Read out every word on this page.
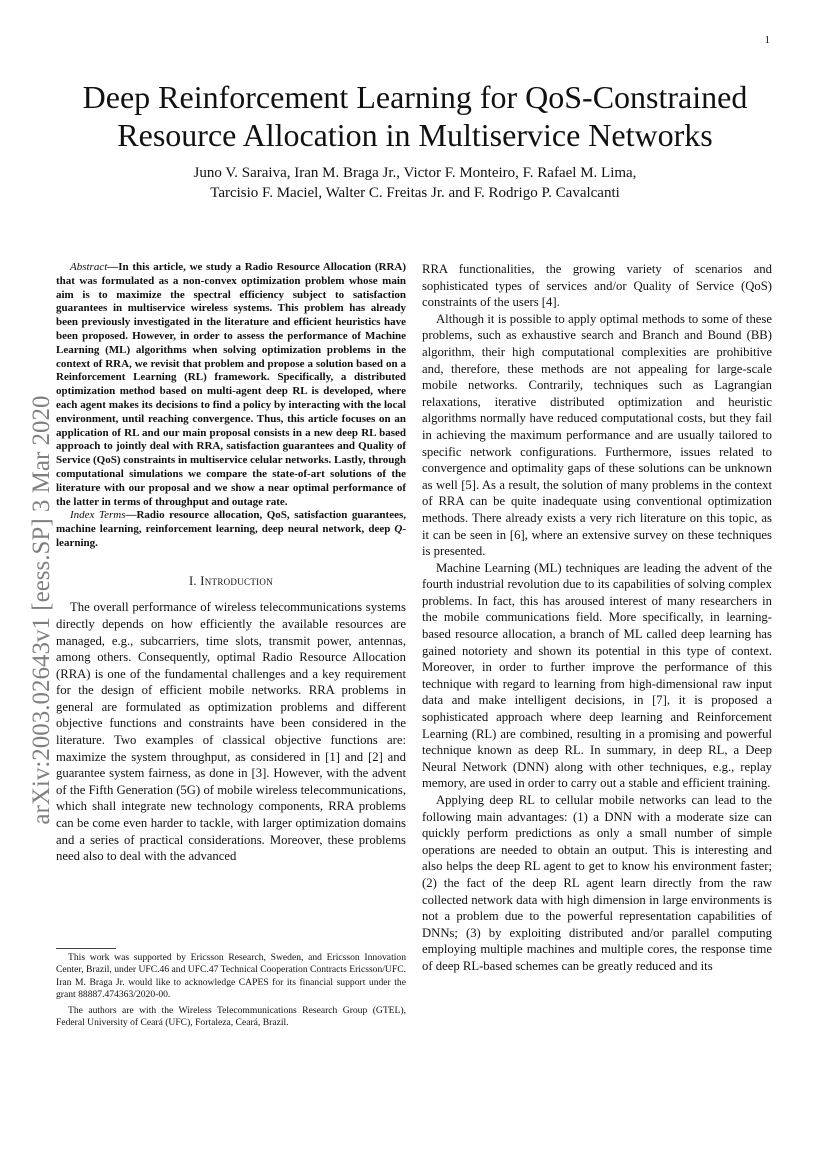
1
Deep Reinforcement Learning for QoS-Constrained
Resource Allocation in Multiservice Networks
Juno V. Saraiva, Iran M. Braga Jr., Victor F. Monteiro, F. Rafael M. Lima,
Tarcisio F. Maciel, Walter C. Freitas Jr. and F. Rodrigo P. Cavalcanti
arXiv:2003.02643v1 [eess.SP] 3 Mar 2020

Abstract—In this article, we study a Radio Resource Allocation (RRA) that was formulated as a non-convex optimization problem whose main aim is to maximize the spectral efficiency subject to satisfaction guarantees in multiservice wireless systems. This problem has already been previously investigated in the literature and efficient heuristics have been proposed. However, in order to assess the performance of Machine Learning (ML) algorithms when solving optimization problems in the context of RRA, we revisit that problem and propose a solution based on a Reinforcement Learning (RL) framework. Specifically, a distributed optimization method based on multi-agent deep RL is developed, where each agent makes its decisions to find a policy by interacting with the local environment, until reaching convergence. Thus, this article focuses on an application of RL and our main proposal consists in a new deep RL based approach to jointly deal with RRA, satisfaction guarantees and Quality of Service (QoS) constraints in multiservice celular networks. Lastly, through computational simulations we compare the state-of-art solutions of the literature with our proposal and we show a near optimal performance of the latter in terms of throughput and outage rate.

Index Terms—Radio resource allocation, QoS, satisfaction guarantees, machine learning, reinforcement learning, deep neural network, deep Q-learning.

I. Introduction

The overall performance of wireless telecommunications systems directly depends on how efficiently the available resources are managed, e.g., subcarriers, time slots, transmit power, antennas, among others. Consequently, optimal Radio Resource Allocation (RRA) is one of the fundamental challenges and a key requirement for the design of efficient mobile networks. RRA problems in general are formulated as optimization problems and different objective functions and constraints have been considered in the literature. Two examples of classical objective functions are: maximize the system throughput, as considered in [1] and [2] and guarantee system fairness, as done in [3]. However, with the advent of the Fifth Generation (5G) of mobile wireless telecommunications, which shall integrate new technology components, RRA problems can be come even harder to tackle, with larger optimization domains and a series of practical considerations. Moreover, these problems need also to deal with the advanced

This work was supported by Ericsson Research, Sweden, and Ericsson Innovation Center, Brazil, under UFC.46 and UFC.47 Technical Cooperation Contracts Ericsson/UFC. Iran M. Braga Jr. would like to acknowledge CAPES for its financial support under the grant 88887.474363/2020-00.

The authors are with the Wireless Telecommunications Research Group (GTEL), Federal University of Ceará (UFC), Fortaleza, Ceará, Brazil.

RRA functionalities, the growing variety of scenarios and sophisticated types of services and/or Quality of Service (QoS) constraints of the users [4].

Although it is possible to apply optimal methods to some of these problems, such as exhaustive search and Branch and Bound (BB) algorithm, their high computational complexities are prohibitive and, therefore, these methods are not appealing for large-scale mobile networks. Contrarily, techniques such as Lagrangian relaxations, iterative distributed optimization and heuristic algorithms normally have reduced computational costs, but they fail in achieving the maximum performance and are usually tailored to specific network configurations. Furthermore, issues related to convergence and optimality gaps of these solutions can be unknown as well [5]. As a result, the solution of many problems in the context of RRA can be quite inadequate using conventional optimization methods. There already exists a very rich literature on this topic, as it can be seen in [6], where an extensive survey on these techniques is presented.

Machine Learning (ML) techniques are leading the advent of the fourth industrial revolution due to its capabilities of solving complex problems. In fact, this has aroused interest of many researchers in the mobile communications field. More specifically, in learning-based resource allocation, a branch of ML called deep learning has gained notoriety and shown its potential in this type of context. Moreover, in order to further improve the performance of this technique with regard to learning from high-dimensional raw input data and make intelligent decisions, in [7], it is proposed a sophisticated approach where deep learning and Reinforcement Learning (RL) are combined, resulting in a promising and powerful technique known as deep RL. In summary, in deep RL, a Deep Neural Network (DNN) along with other techniques, e.g., replay memory, are used in order to carry out a stable and efficient training.

Applying deep RL to cellular mobile networks can lead to the following main advantages: (1) a DNN with a moderate size can quickly perform predictions as only a small number of simple operations are needed to obtain an output. This is interesting and also helps the deep RL agent to get to know his environment faster; (2) the fact of the deep RL agent learn directly from the raw collected network data with high dimension in large environments is not a problem due to the powerful representation capabilities of DNNs; (3) by exploiting distributed and/or parallel computing employing multiple machines and multiple cores, the response time of deep RL-based schemes can be greatly reduced and its
